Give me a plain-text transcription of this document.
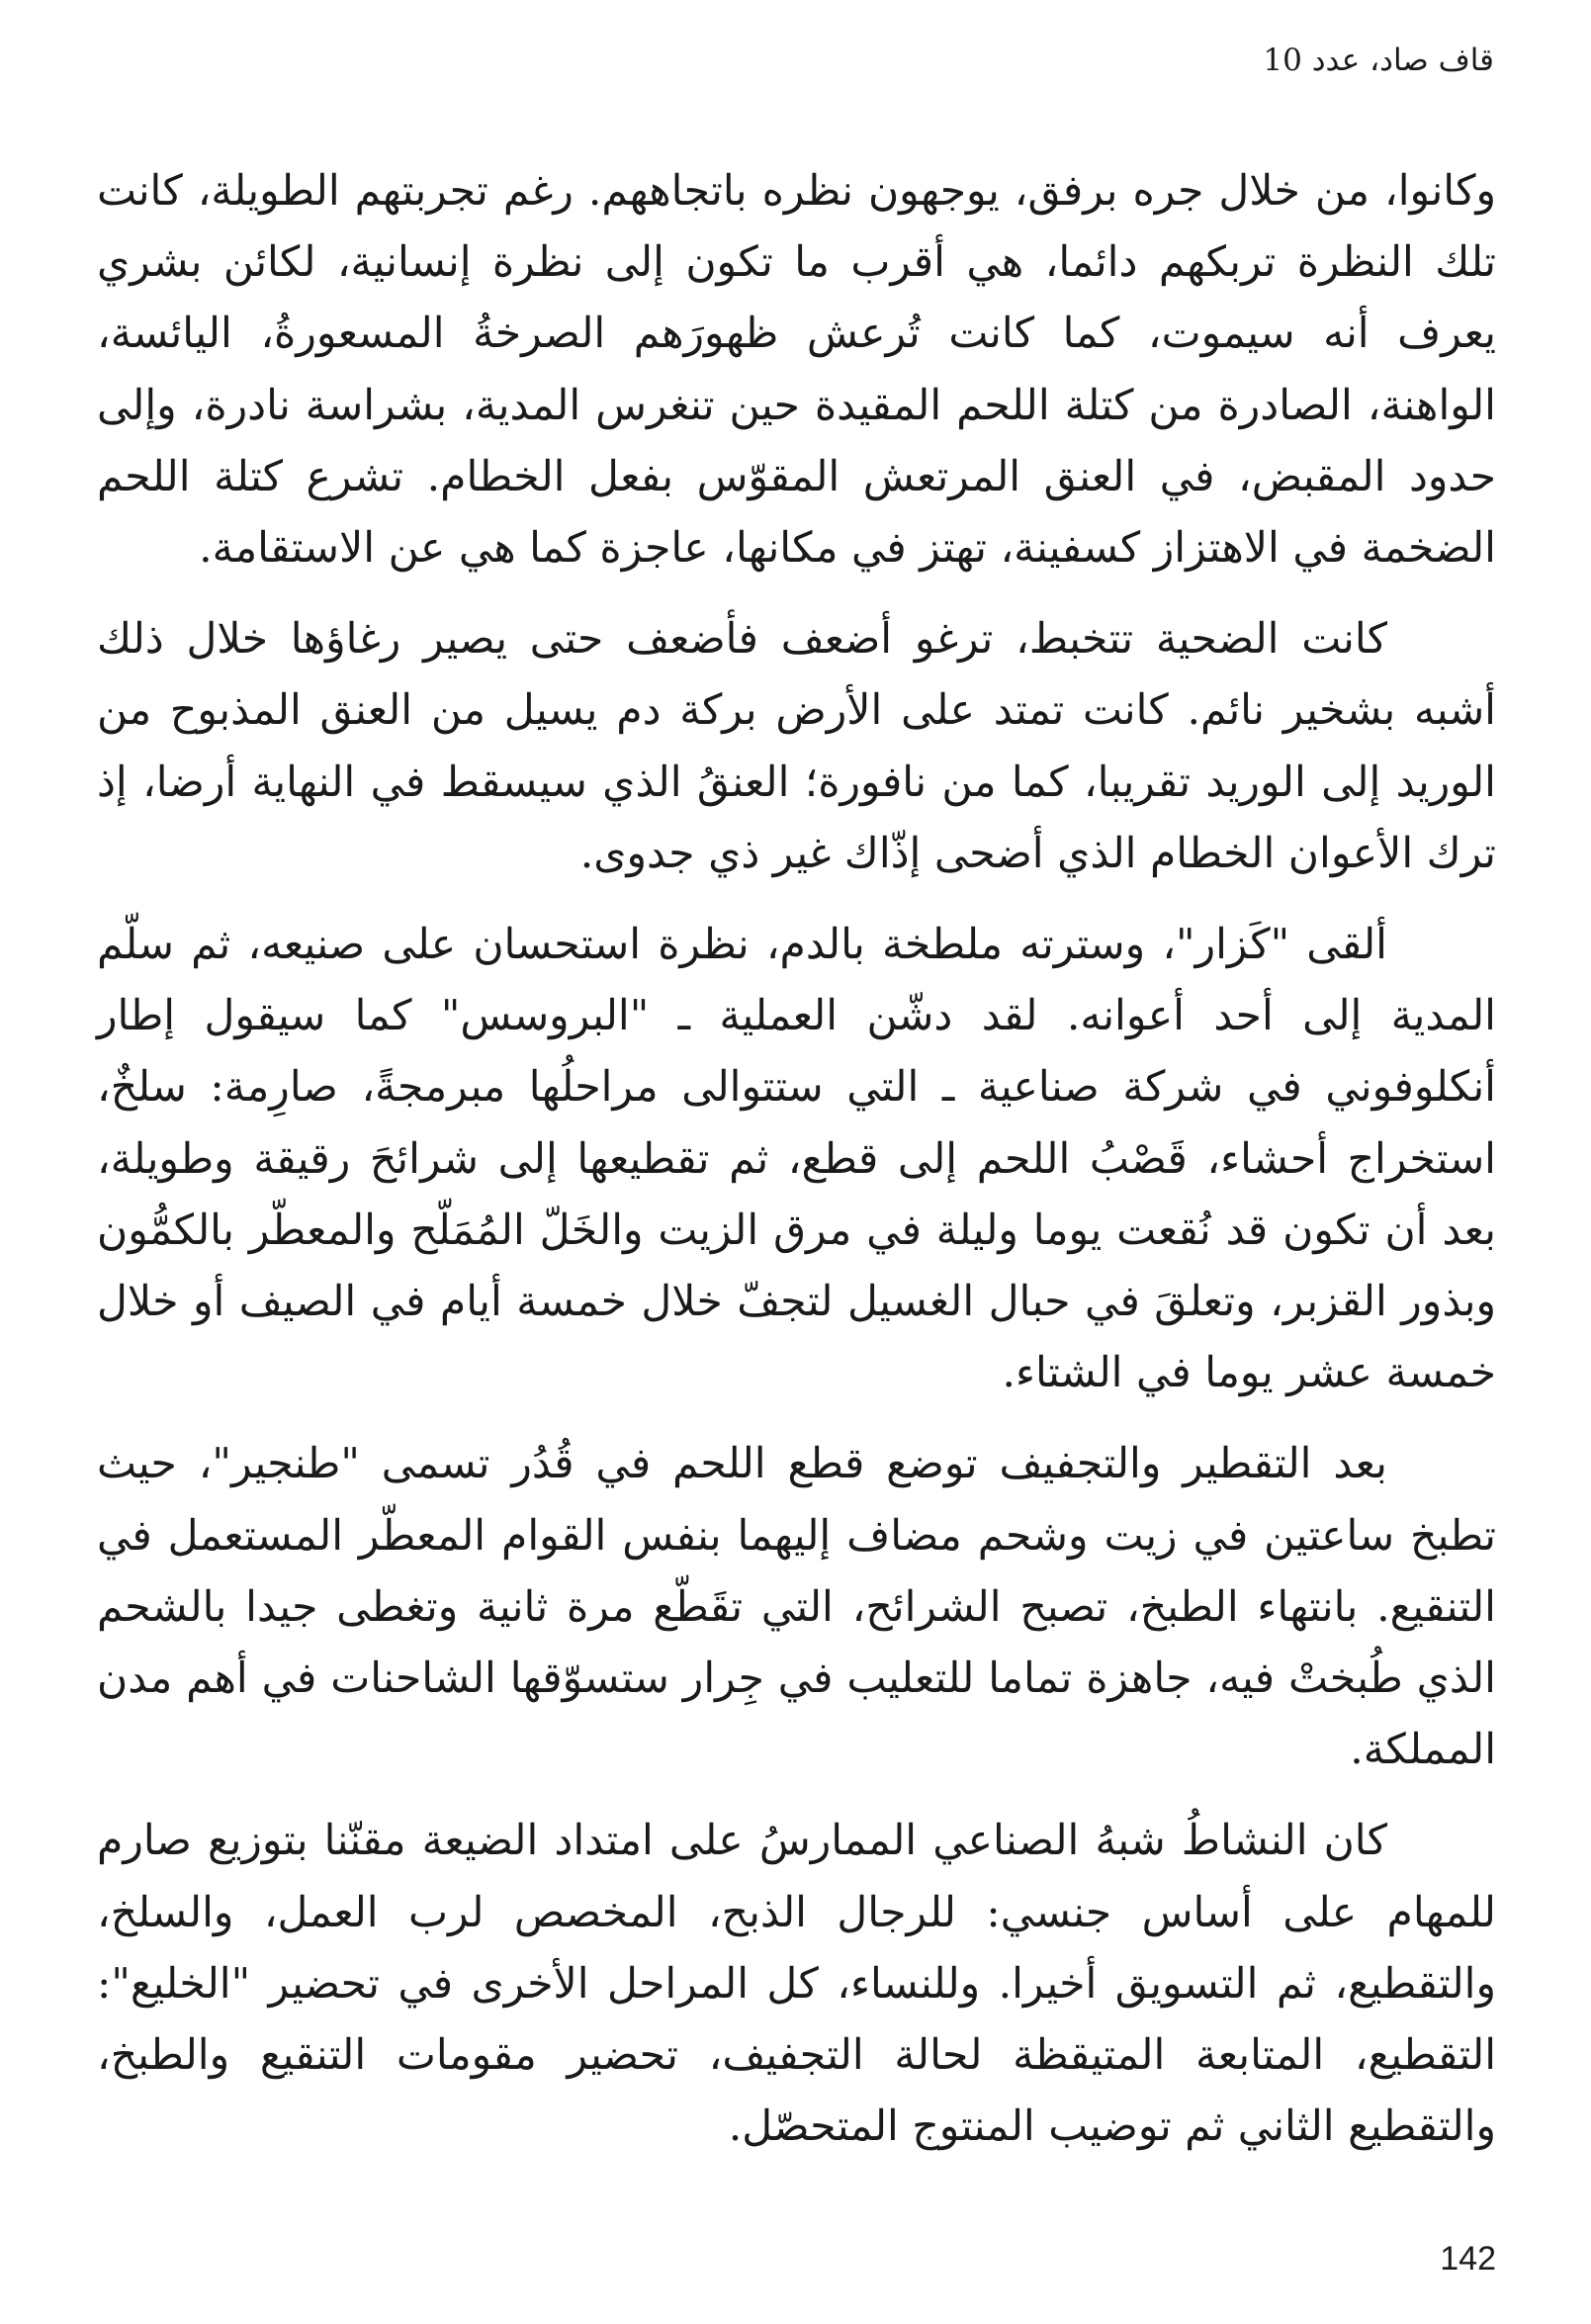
قاف صاد، عدد 10

وكانوا، من خلال جره برفق، يوجهون نظره باتجاههم. رغم تجربتهم الطويلة، كانت تلك النظرة تربكهم دائما، هي أقرب ما تكون إلى نظرة إنسانية، لكائن بشري يعرف أنه سيموت، كما كانت تُرعش ظهورَهم الصرخةُ المسعورةُ، اليائسة، الواهنة، الصادرة من كتلة اللحم المقيدة حين تنغرس المدية، بشراسة نادرة، وإلى حدود المقبض، في العنق المرتعش المقوّس بفعل الخطام. تشرع كتلة اللحم الضخمة في الاهتزاز كسفينة، تهتز في مكانها، عاجزة كما هي عن الاستقامة.

كانت الضحية تتخبط، ترغو أضعف فأضعف حتى يصير رغاؤها خلال ذلك أشبه بشخير نائم. كانت تمتد على الأرض بركة دم يسيل من العنق المذبوح من الوريد إلى الوريد تقريبا، كما من نافورة؛ العنقُ الذي سيسقط في النهاية أرضا، إذ ترك الأعوان الخطام الذي أضحى إذّاك غير ذي جدوى.

ألقى "كَزار"، وسترته ملطخة بالدم، نظرة استحسان على صنيعه، ثم سلّم المدية إلى أحد أعوانه. لقد دشّن العملية ـ "البروسس" كما سيقول إطار أنكلوفوني في شركة صناعية ـ التي ستتوالى مراحلُها مبرمجةً، صارِمة: سلخٌ، استخراج أحشاء، قَصْبُ اللحم إلى قطع، ثم تقطيعها إلى شرائحَ رقيقة وطويلة، بعد أن تكون قد نُقعت يوما وليلة في مرق الزيت والخَلّ المُمَلّح والمعطّر بالكمُّون وبذور القزبر، وتعلقَ في حبال الغسيل لتجفّ خلال خمسة أيام في الصيف أو خلال خمسة عشر يوما في الشتاء.

بعد التقطير والتجفيف توضع قطع اللحم في قُدُر تسمى "طنجير"، حيث تطبخ ساعتين في زيت وشحم مضاف إليهما بنفس القوام المعطّر المستعمل في التنقيع. بانتهاء الطبخ، تصبح الشرائح، التي تقَطّع مرة ثانية وتغطى جيدا بالشحم الذي طُبختْ فيه، جاهزة تماما للتعليب في جِرار ستسوّقها الشاحنات في أهم مدن المملكة.

كان النشاطُ شبهُ الصناعي الممارسُ على امتداد الضيعة مقنّنا بتوزيع صارم للمهام على أساس جنسي: للرجال الذبح، المخصص لرب العمل، والسلخ، والتقطيع، ثم التسويق أخيرا. وللنساء، كل المراحل الأخرى في تحضير "الخليع": التقطيع، المتابعة المتيقظة لحالة التجفيف، تحضير مقومات التنقيع والطبخ، والتقطيع الثاني ثم توضيب المنتوج المتحصّل.

142
